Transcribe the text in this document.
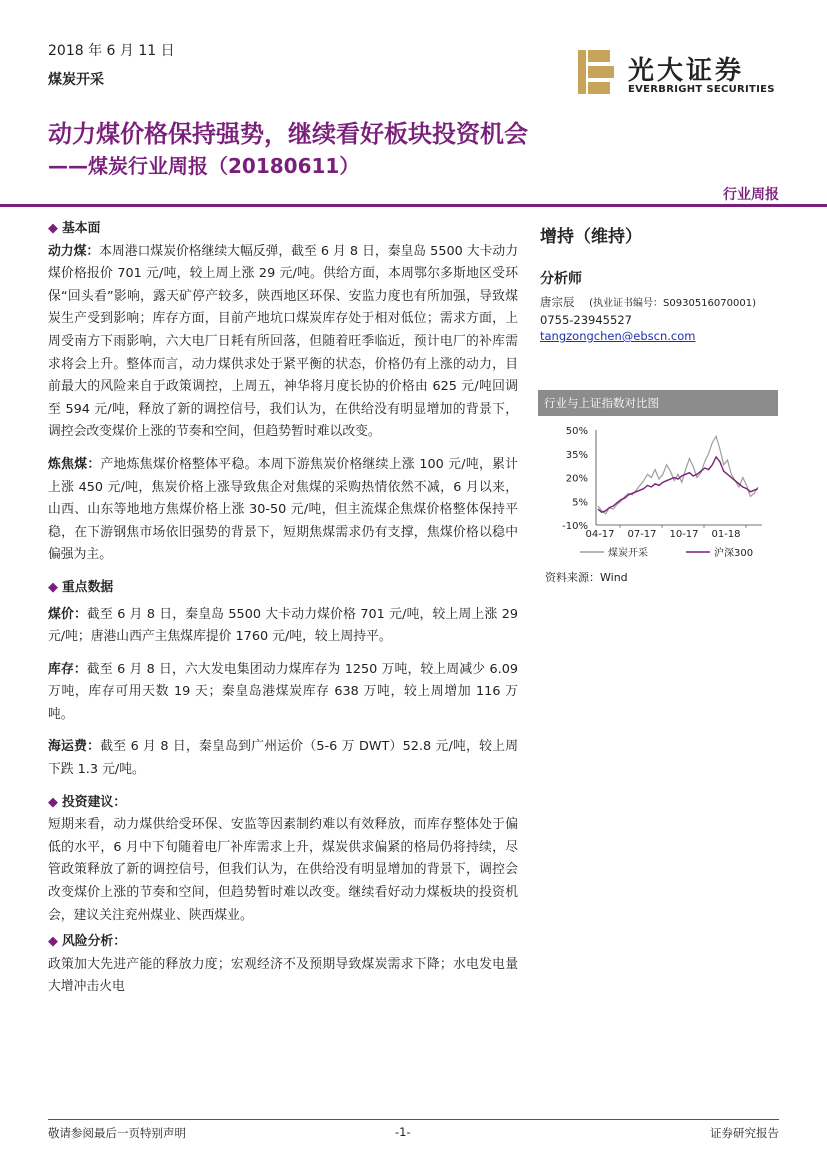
2018 年 6 月 11 日
煤炭开采	光大证券
EVERBRIGHT SECURITIES
动力煤价格保持强势，继续看好板块投资机会
——煤炭行业周报（20180611）
行业周报
◆ 基本面

动力煤：本周港口煤炭价格继续大幅反弹，截至 6 月 8 日，秦皇岛 5500 大卡动力煤价格报价 701 元/吨，较上周上涨 29 元/吨。供给方面，本周鄂尔多斯地区受环保“回头看”影响，露天矿停产较多，陕西地区环保、安监力度也有所加强，导致煤炭生产受到影响；库存方面，目前产地坑口煤炭库存处于相对低位；需求方面，上周受南方下雨影响，六大电厂日耗有所回落，但随着旺季临近，预计电厂的补库需求将会上升。整体而言，动力煤供求处于紧平衡的状态，价格仍有上涨的动力，目前最大的风险来自于政策调控，上周五，神华将月度长协的价格由 625 元/吨回调至 594 元/吨，释放了新的调控信号，我们认为，在供给没有明显增加的背景下，调控会改变煤价上涨的节奏和空间，但趋势暂时难以改变。

炼焦煤：产地炼焦煤价格整体平稳。本周下游焦炭价格继续上涨 100 元/吨，累计上涨 450 元/吨，焦炭价格上涨导致焦企对焦煤的采购热情依然不减，6 月以来，山西、山东等地地方焦煤价格上涨 30-50 元/吨，但主流煤企焦煤价格整体保持平稳，在下游钢焦市场依旧强势的背景下，短期焦煤需求仍有支撑，焦煤价格以稳中偏强为主。

◆ 重点数据

煤价：截至 6 月 8 日，秦皇岛 5500 大卡动力煤价格 701 元/吨，较上周上涨 29 元/吨；唐港山西产主焦煤库提价 1760 元/吨，较上周持平。

库存：截至 6 月 8 日，六大发电集团动力煤库存为 1250 万吨，较上周减少 6.09 万吨，库存可用天数 19 天；秦皇岛港煤炭库存 638 万吨，较上周增加 116 万吨。

海运费：截至 6 月 8 日，秦皇岛到广州运价（5-6 万 DWT）52.8 元/吨，较上周下跌 1.3 元/吨。

◆ 投资建议：

短期来看，动力煤供给受环保、安监等因素制约难以有效释放，而库存整体处于偏低的水平，6 月中下旬随着电厂补库需求上升，煤炭供求偏紧的格局仍将持续，尽管政策释放了新的调控信号，但我们认为，在供给没有明显增加的背景下，调控会改变煤价上涨的节奏和空间，但趋势暂时难以改变。继续看好动力煤板块的投资机会，建议关注兖州煤业、陕西煤业。

◆ 风险分析：

政策加大先进产能的释放力度；宏观经济不及预期导致煤炭需求下降；水电发电量大增冲击火电

增持（维持）
分析师
唐宗辰 (执业证书编号：S0930516070001)
0755-23945527
tangzongchen@ebscn.com
行业与上证指数对比图
50%
35%
20%
5%
-10%
04-17 07-17 10-17 01-18
煤炭开采	沪深300
资料来源：Wind
敬请参阅最后一页特别声明	-1-	证券研究报告
